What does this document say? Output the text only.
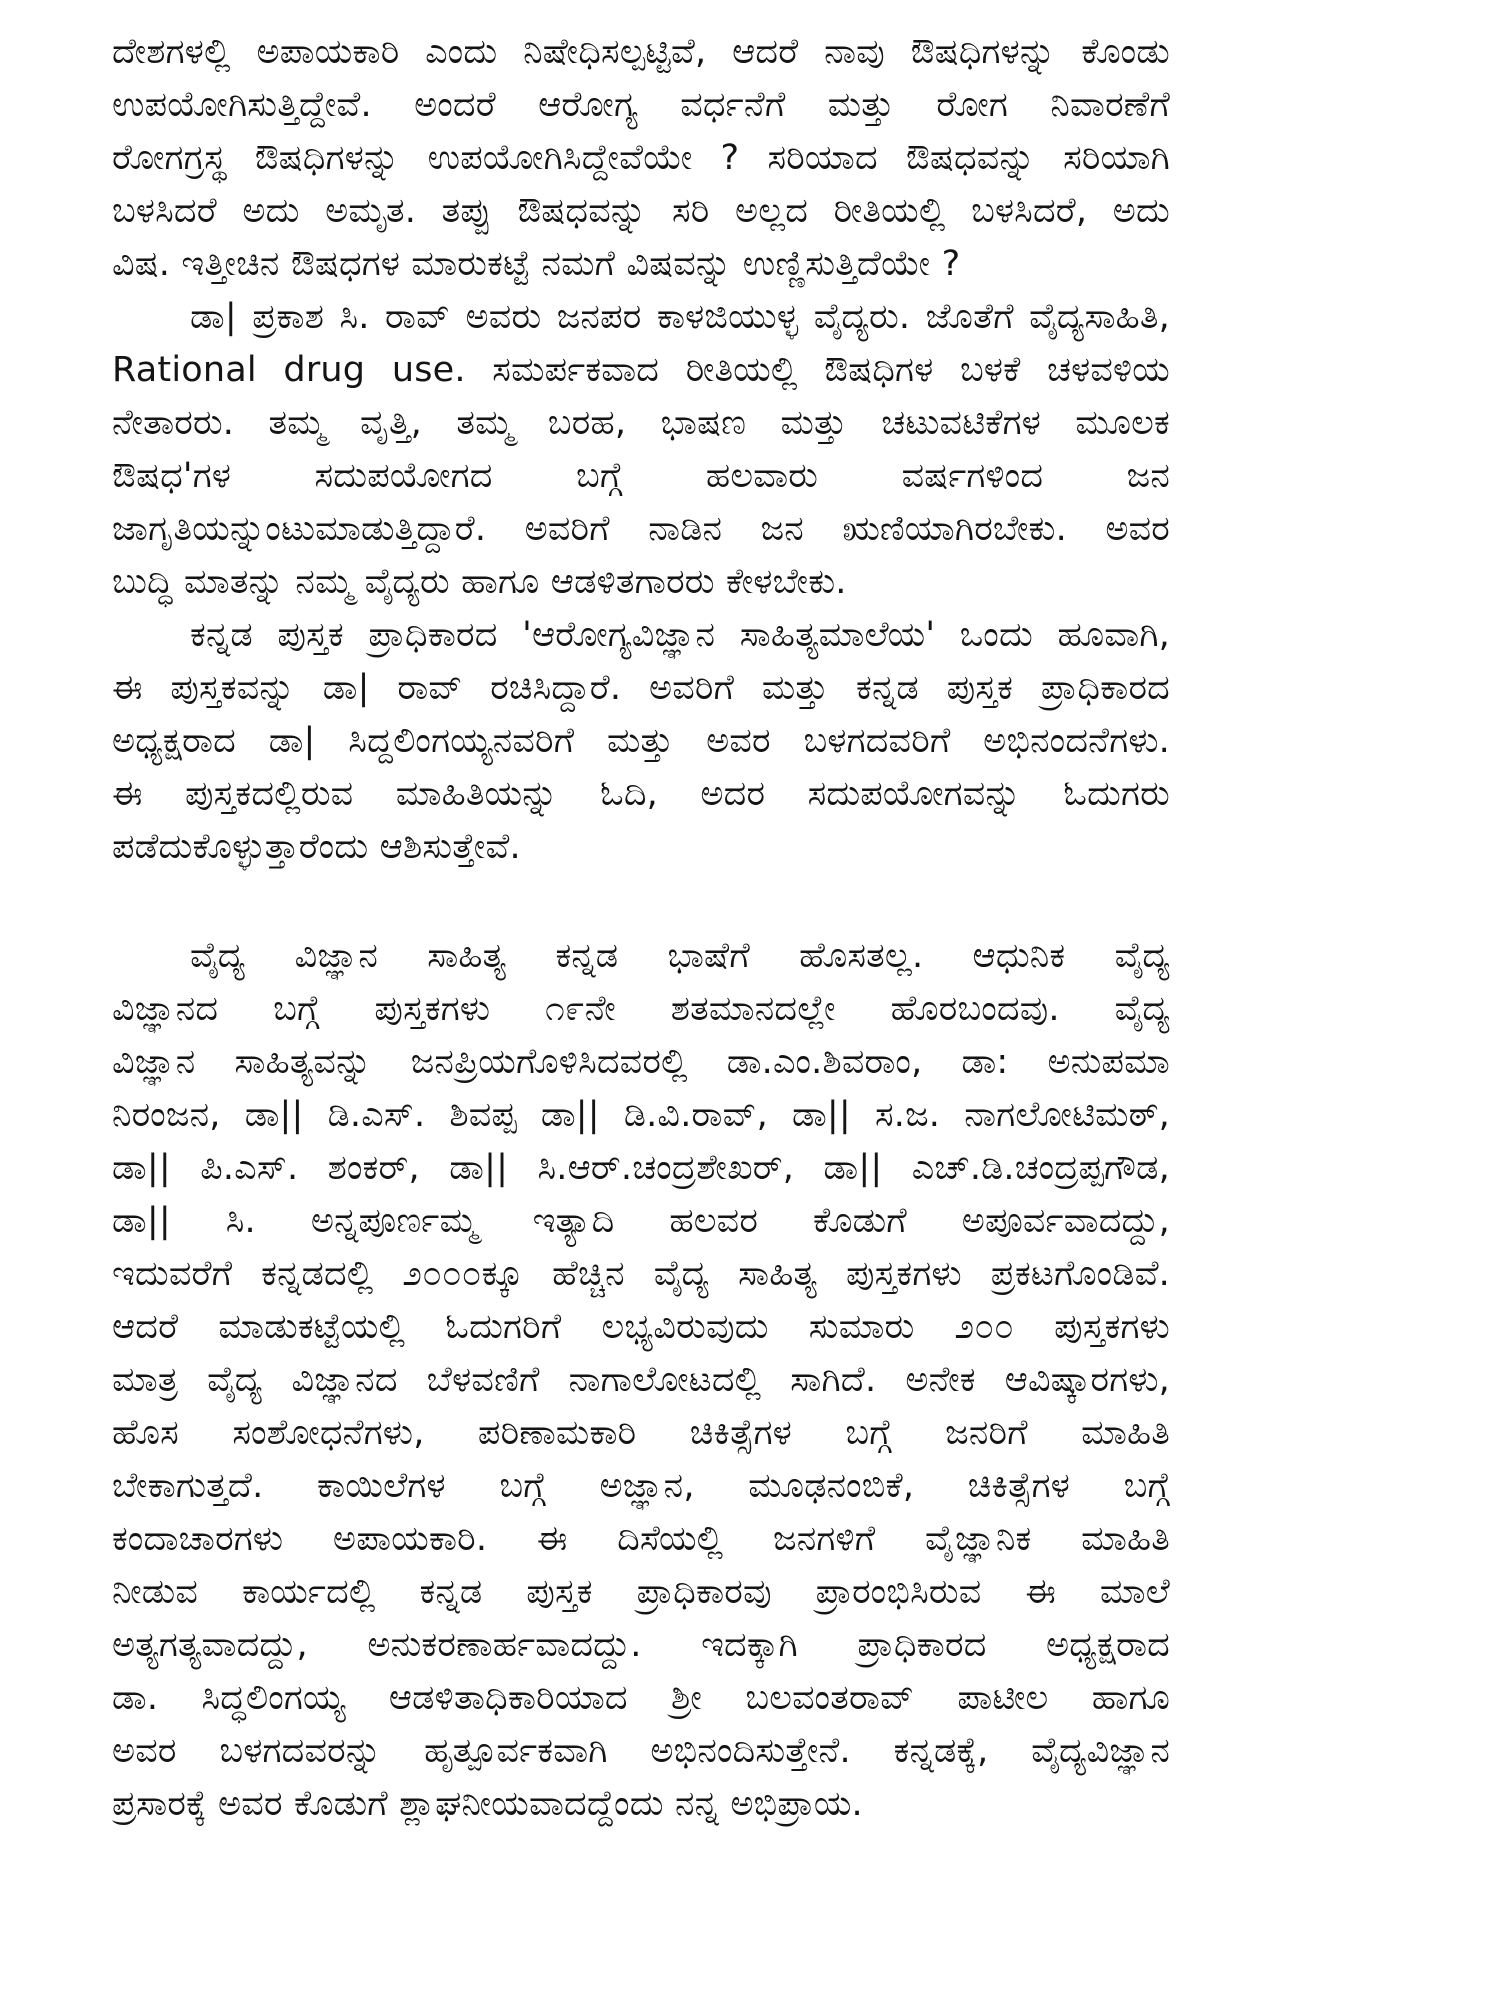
ದೇಶಗಳಲ್ಲಿ ಅಪಾಯಕಾರಿ ಎಂದು ನಿಷೇಧಿಸಲ್ಪಟ್ಟಿವೆ, ಆದರೆ ನಾವು ಔಷಧಿಗಳನ್ನು ಕೊಂಡು
ಉಪಯೋಗಿಸುತ್ತಿದ್ದೇವೆ. ಅಂದರೆ ಆರೋಗ್ಯ ವರ್ಧನೆಗೆ ಮತ್ತು ರೋಗ ನಿವಾರಣೆಗೆ
ರೋಗಗ್ರಸ್ಥ ಔಷಧಿಗಳನ್ನು ಉಪಯೋಗಿಸಿದ್ದೇವೆಯೇ ? ಸರಿಯಾದ ಔಷಧವನ್ನು ಸರಿಯಾಗಿ
ಬಳಸಿದರೆ ಅದು ಅಮೃತ. ತಪ್ಪು ಔಷಧವನ್ನು ಸರಿ ಅಲ್ಲದ ರೀತಿಯಲ್ಲಿ ಬಳಸಿದರೆ, ಅದು
ವಿಷ. ಇತ್ತೀಚಿನ ಔಷಧಗಳ ಮಾರುಕಟ್ಟೆ ನಮಗೆ ವಿಷವನ್ನು ಉಣ್ಣಿಸುತ್ತಿದೆಯೇ ?
ಡಾ| ಪ್ರಕಾಶ ಸಿ. ರಾವ್ ಅವರು ಜನಪರ ಕಾಳಜಿಯುಳ್ಳ ವೈದ್ಯರು. ಜೊತೆಗೆ ವೈದ್ಯಸಾಹಿತಿ,
Rational drug use. ಸಮರ್ಪಕವಾದ ರೀತಿಯಲ್ಲಿ ಔಷಧಿಗಳ ಬಳಕೆ ಚಳವಳಿಯ
ನೇತಾರರು. ತಮ್ಮ ವೃತ್ತಿ, ತಮ್ಮ ಬರಹ, ಭಾಷಣ ಮತ್ತು ಚಟುವಟಿಕೆಗಳ ಮೂಲಕ
ಔಷಧ'ಗಳ ಸದುಪಯೋಗದ ಬಗ್ಗೆ ಹಲವಾರು ವರ್ಷಗಳಿಂದ ಜನ
ಜಾಗೃತಿಯನ್ನುಂಟುಮಾಡುತ್ತಿದ್ದಾರೆ. ಅವರಿಗೆ ನಾಡಿನ ಜನ ಋಣಿಯಾಗಿರಬೇಕು. ಅವರ
ಬುದ್ಧಿ ಮಾತನ್ನು ನಮ್ಮ ವೈದ್ಯರು ಹಾಗೂ ಆಡಳಿತಗಾರರು ಕೇಳಬೇಕು.
ಕನ್ನಡ ಪುಸ್ತಕ ಪ್ರಾಧಿಕಾರದ 'ಆರೋಗ್ಯವಿಜ್ಞಾನ ಸಾಹಿತ್ಯಮಾಲೆಯ' ಒಂದು ಹೂವಾಗಿ,
ಈ ಪುಸ್ತಕವನ್ನು ಡಾ| ರಾವ್ ರಚಿಸಿದ್ದಾರೆ. ಅವರಿಗೆ ಮತ್ತು ಕನ್ನಡ ಪುಸ್ತಕ ಪ್ರಾಧಿಕಾರದ
ಅಧ್ಯಕ್ಷರಾದ ಡಾ| ಸಿದ್ದಲಿಂಗಯ್ಯನವರಿಗೆ ಮತ್ತು ಅವರ ಬಳಗದವರಿಗೆ ಅಭಿನಂದನೆಗಳು.
ಈ ಪುಸ್ತಕದಲ್ಲಿರುವ ಮಾಹಿತಿಯನ್ನು ಓದಿ, ಅದರ ಸದುಪಯೋಗವನ್ನು ಓದುಗರು
ಪಡೆದುಕೊಳ್ಳುತ್ತಾರೆಂದು ಆಶಿಸುತ್ತೇವೆ.
ವೈದ್ಯ ವಿಜ್ಞಾನ ಸಾಹಿತ್ಯ ಕನ್ನಡ ಭಾಷೆಗೆ ಹೊಸತಲ್ಲ. ಆಧುನಿಕ ವೈದ್ಯ
ವಿಜ್ಞಾನದ ಬಗ್ಗೆ ಪುಸ್ತಕಗಳು ೧೯ನೇ ಶತಮಾನದಲ್ಲೇ ಹೊರಬಂದವು. ವೈದ್ಯ
ವಿಜ್ಞಾನ ಸಾಹಿತ್ಯವನ್ನು ಜನಪ್ರಿಯಗೊಳಿಸಿದವರಲ್ಲಿ ಡಾ.ಎಂ.ಶಿವರಾಂ, ಡಾ: ಅನುಪಮಾ
ನಿರಂಜನ, ಡಾ|| ಡಿ.ಎಸ್. ಶಿವಪ್ಪ ಡಾ|| ಡಿ.ವಿ.ರಾವ್, ಡಾ|| ಸ.ಜ. ನಾಗಲೋಟಿಮಠ್,
ಡಾ|| ಪಿ.ಎಸ್. ಶಂಕರ್, ಡಾ|| ಸಿ.ಆರ್.ಚಂದ್ರಶೇಖರ್, ಡಾ|| ಎಚ್.ಡಿ.ಚಂದ್ರಪ್ಪಗೌಡ,
ಡಾ|| ಸಿ. ಅನ್ನಪೂರ್ಣಮ್ಮ ಇತ್ಯಾದಿ ಹಲವರ ಕೊಡುಗೆ ಅಪೂರ್ವವಾದದ್ದು,
ಇದುವರೆಗೆ ಕನ್ನಡದಲ್ಲಿ ೨೦೦೦ಕ್ಕೂ ಹೆಚ್ಚಿನ ವೈದ್ಯ ಸಾಹಿತ್ಯ ಪುಸ್ತಕಗಳು ಪ್ರಕಟಗೊಂಡಿವೆ.
ಆದರೆ ಮಾಡುಕಟ್ಟೆಯಲ್ಲಿ ಓದುಗರಿಗೆ ಲಭ್ಯವಿರುವುದು ಸುಮಾರು ೨೦೦ ಪುಸ್ತಕಗಳು
ಮಾತ್ರ ವೈದ್ಯ ವಿಜ್ಞಾನದ ಬೆಳವಣಿಗೆ ನಾಗಾಲೋಟದಲ್ಲಿ ಸಾಗಿದೆ. ಅನೇಕ ಆವಿಷ್ಕಾರಗಳು,
ಹೊಸ ಸಂಶೋಧನೆಗಳು, ಪರಿಣಾಮಕಾರಿ ಚಿಕಿತ್ಸೆಗಳ ಬಗ್ಗೆ ಜನರಿಗೆ ಮಾಹಿತಿ
ಬೇಕಾಗುತ್ತದೆ. ಕಾಯಿಲೆಗಳ ಬಗ್ಗೆ ಅಜ್ಞಾನ, ಮೂಢನಂಬಿಕೆ, ಚಿಕಿತ್ಸೆಗಳ ಬಗ್ಗೆ
ಕಂದಾಚಾರಗಳು ಅಪಾಯಕಾರಿ. ಈ ದಿಸೆಯಲ್ಲಿ ಜನಗಳಿಗೆ ವೈಜ್ಞಾನಿಕ ಮಾಹಿತಿ
ನೀಡುವ ಕಾರ್ಯದಲ್ಲಿ ಕನ್ನಡ ಪುಸ್ತಕ ಪ್ರಾಧಿಕಾರವು ಪ್ರಾರಂಭಿಸಿರುವ ಈ ಮಾಲೆ
ಅತ್ಯಗತ್ಯವಾದದ್ದು, ಅನುಕರಣಾರ್ಹವಾದದ್ದು. ಇದಕ್ಕಾಗಿ ಪ್ರಾಧಿಕಾರದ ಅಧ್ಯಕ್ಷರಾದ
ಡಾ. ಸಿದ್ಧಲಿಂಗಯ್ಯ ಆಡಳಿತಾಧಿಕಾರಿಯಾದ ಶ್ರೀ ಬಲವಂತರಾವ್ ಪಾಟೀಲ ಹಾಗೂ
ಅವರ ಬಳಗದವರನ್ನು ಹೃತ್ಪೂರ್ವಕವಾಗಿ ಅಭಿನಂದಿಸುತ್ತೇನೆ. ಕನ್ನಡಕ್ಕೆ, ವೈದ್ಯವಿಜ್ಞಾನ
ಪ್ರಸಾರಕ್ಕೆ ಅವರ ಕೊಡುಗೆ ಶ್ಲಾಘನೀಯವಾದದ್ದೆಂದು ನನ್ನ ಅಭಿಪ್ರಾಯ.
